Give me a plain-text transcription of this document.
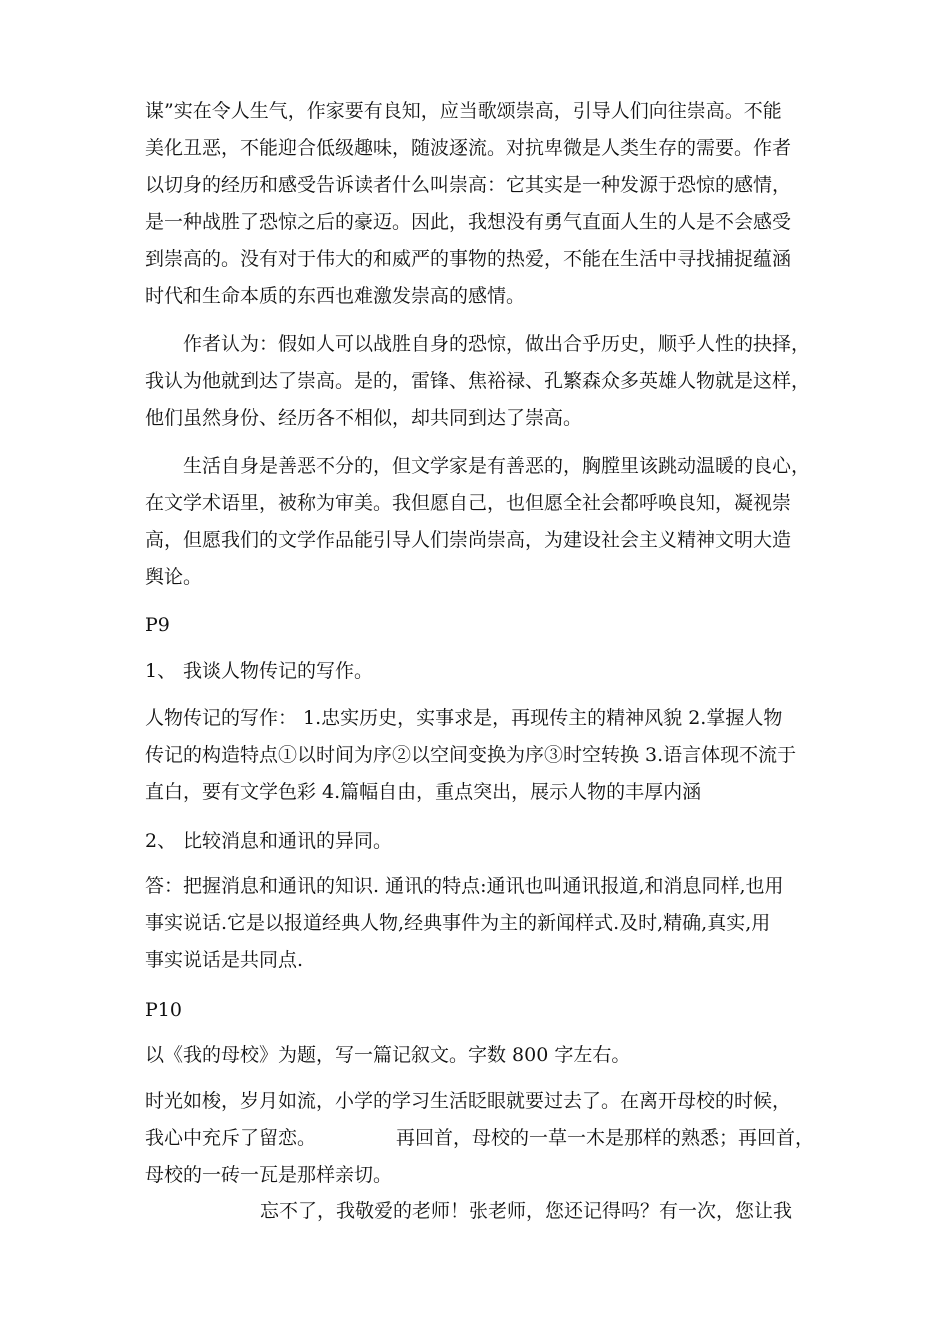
谋”实在令人生气，作家要有良知，应当歌颂崇高，引导人们向往崇高。不能
美化丑恶，不能迎合低级趣味，随波逐流。对抗卑微是人类生存的需要。作者
以切身的经历和感受告诉读者什么叫崇高：它其实是一种发源于恐惊的感情，
是一种战胜了恐惊之后的豪迈。因此，我想没有勇气直面人生的人是不会感受
到崇高的。没有对于伟大的和威严的事物的热爱，不能在生活中寻找捕捉蕴涵
时代和生命本质的东西也难激发崇高的感情。
作者认为：假如人可以战胜自身的恐惊，做出合乎历史，顺乎人性的抉择，
我认为他就到达了崇高。是的，雷锋、焦裕禄、孔繁森众多英雄人物就是这样，
他们虽然身份、经历各不相似，却共同到达了崇高。
生活自身是善恶不分的，但文学家是有善恶的，胸膛里该跳动温暖的良心，
在文学术语里，被称为审美。我但愿自己，也但愿全社会都呼唤良知，凝视崇
高，但愿我们的文学作品能引导人们崇尚崇高，为建设社会主义精神文明大造
舆论。
P9
1、 我谈人物传记的写作。
人物传记的写作： 1.忠实历史，实事求是，再现传主的精神风貌 2.掌握人物
传记的构造特点①以时间为序②以空间变换为序③时空转换 3.语言体现不流于
直白，要有文学色彩 4.篇幅自由，重点突出，展示人物的丰厚内涵
2、 比较消息和通讯的异同。
答：把握消息和通讯的知识. 通讯的特点:通讯也叫通讯报道,和消息同样,也用
事实说话.它是以报道经典人物,经典事件为主的新闻样式.及时,精确,真实,用
事实说话是共同点.
P10
以《我的母校》为题，写一篇记叙文。字数 800 字左右。
时光如梭，岁月如流，小学的学习生活眨眼就要过去了。在离开母校的时候，
我心中充斥了留恋。	再回首，母校的一草一木是那样的熟悉；再回首，
母校的一砖一瓦是那样亲切。
忘不了，我敬爱的老师！张老师，您还记得吗？有一次，您让我
